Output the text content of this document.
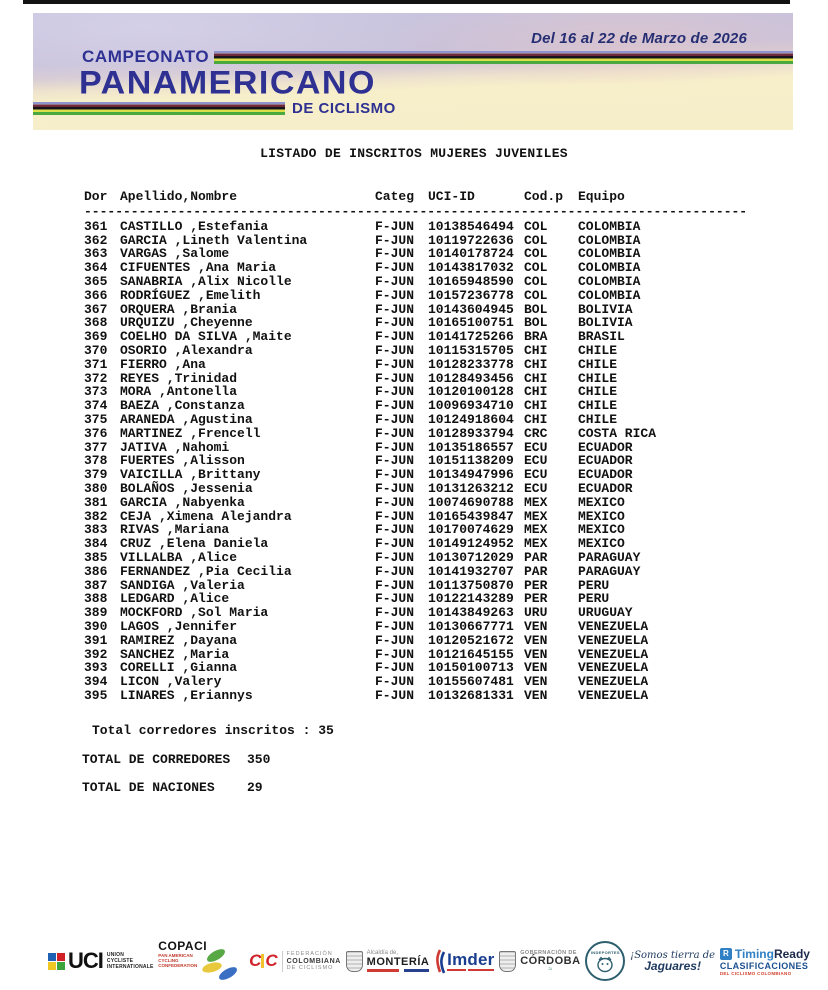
Del 16 al 22 de Marzo de 2026
CAMPEONATO
PANAMERICANO
DE CICLISMO
LISTADO DE INSCRITOS MUJERES JUVENILES
Dor Apellido,Nombre	Categ	UCI-ID	Cod.p	Equipo
-------------------------------------------------------------------------------------
361 CASTILLO ,Estefania	F-JUN	10138546494 COL	COLOMBIA
362 GARCIA ,Lineth Valentina	F-JUN	10119722636 COL	COLOMBIA
363 VARGAS ,Salome	F-JUN	10140178724 COL	COLOMBIA
364 CIFUENTES ,Ana Maria	F-JUN	10143817032 COL	COLOMBIA
365 SANABRIA ,Alix Nicolle	F-JUN	10165948590 COL	COLOMBIA
366 RODRÍGUEZ ,Emelith	F-JUN	10157236778 COL	COLOMBIA
367 ORQUERA ,Brania	F-JUN	10143604945 BOL	BOLIVIA
368 URQUIZU ,Cheyenne	F-JUN	10165100751 BOL	BOLIVIA
369 COELHO DA SILVA ,Maite	F-JUN	10141725266 BRA	BRASIL
370 OSORIO ,Alexandra	F-JUN	10115315705 CHI	CHILE
371 FIERRO ,Ana	F-JUN	10128233778 CHI	CHILE
372 REYES ,Trinidad	F-JUN	10128493456 CHI	CHILE
373 MORA ,Antonella	F-JUN	10120100128 CHI	CHILE
374 BAEZA ,Constanza	F-JUN	10096934710 CHI	CHILE
375 ARANEDA ,Agustina	F-JUN	10124918604 CHI	CHILE
376 MARTINEZ ,Frencell	F-JUN	10128933794 CRC	COSTA RICA
377 JATIVA ,Nahomi	F-JUN	10135186557 ECU	ECUADOR
378 FUERTES ,Alisson	F-JUN	10151138209 ECU	ECUADOR
379 VAICILLA ,Brittany	F-JUN	10134947996 ECU	ECUADOR
380 BOLAÑOS ,Jessenia	F-JUN	10131263212 ECU	ECUADOR
381 GARCIA ,Nabyenka	F-JUN	10074690788 MEX	MEXICO
382 CEJA ,Ximena Alejandra	F-JUN	10165439847 MEX	MEXICO
383 RIVAS ,Mariana	F-JUN	10170074629 MEX	MEXICO
384 CRUZ ,Elena Daniela	F-JUN	10149124952 MEX	MEXICO
385 VILLALBA ,Alice	F-JUN	10130712029 PAR	PARAGUAY
386 FERNANDEZ ,Pia Cecilia	F-JUN	10141932707 PAR	PARAGUAY
387 SANDIGA ,Valeria	F-JUN	10113750870 PER	PERU
388 LEDGARD ,Alice	F-JUN	10122143289 PER	PERU
389 MOCKFORD ,Sol Maria	F-JUN	10143849263 URU	URUGUAY
390 LAGOS ,Jennifer	F-JUN	10130667771 VEN	VENEZUELA
391 RAMIREZ ,Dayana	F-JUN	10120521672 VEN	VENEZUELA
392 SANCHEZ ,Maria	F-JUN	10121645155 VEN	VENEZUELA
393 CORELLI ,Gianna	F-JUN	10150100713 VEN	VENEZUELA
394 LICON ,Valery	F-JUN	10155607481 VEN	VENEZUELA
395 LINARES ,Eriannys	F-JUN	10132681331 VEN	VENEZUELA
Total corredores inscritos : 35
TOTAL DE CORREDORES	350
TOTAL DE NACIONES	29
UCI UNION
CYCLISTE
INTERNATIONALE
COPACI
PAN AMERICAN
CYCLING
CONFEDERATION	C C FEDERACIÓN
COLOMBIANA
DE CICLISMO
Alcaldía de,
MONTERÍA Imder	GOBERNACIÓN DE
CÓRDOBA
≈
INDEPORTES ¡Somos tierra de
Jaguares!
R Timing Ready
CLASIFICACIONES
DEL CICLISMO COLOMBIANO
